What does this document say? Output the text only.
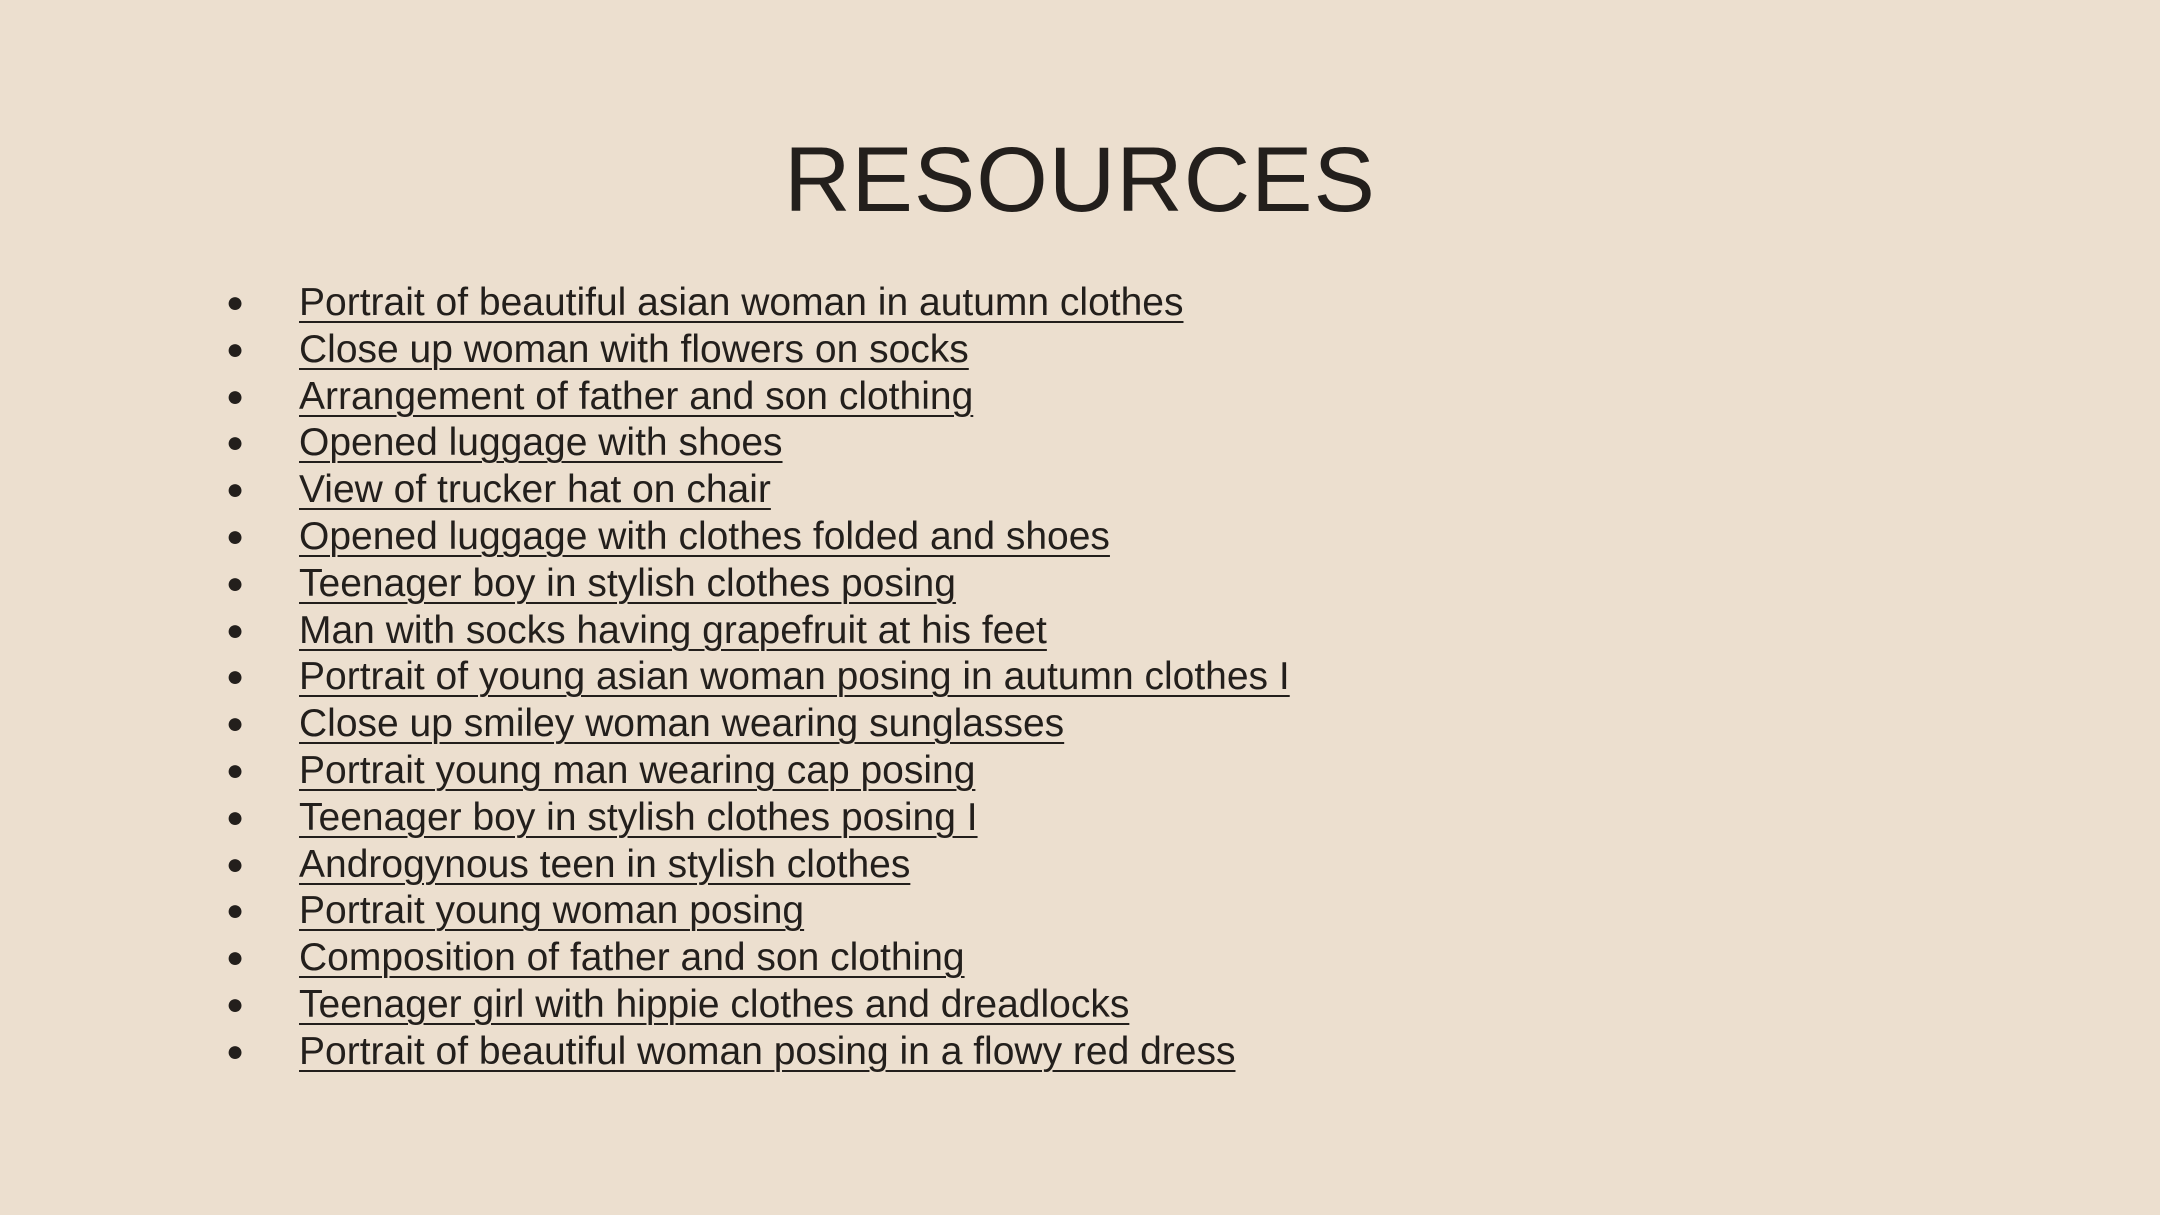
RESOURCES
● Portrait of beautiful asian woman in autumn clothes
● Close up woman with flowers on socks
● Arrangement of father and son clothing
● Opened luggage with shoes
● View of trucker hat on chair
● Opened luggage with clothes folded and shoes
● Teenager boy in stylish clothes posing
● Man with socks having grapefruit at his feet
● Portrait of young asian woman posing in autumn clothes I
● Close up smiley woman wearing sunglasses
● Portrait young man wearing cap posing
● Teenager boy in stylish clothes posing I
● Androgynous teen in stylish clothes
● Portrait young woman posing
● Composition of father and son clothing
● Teenager girl with hippie clothes and dreadlocks
● Portrait of beautiful woman posing in a flowy red dress
